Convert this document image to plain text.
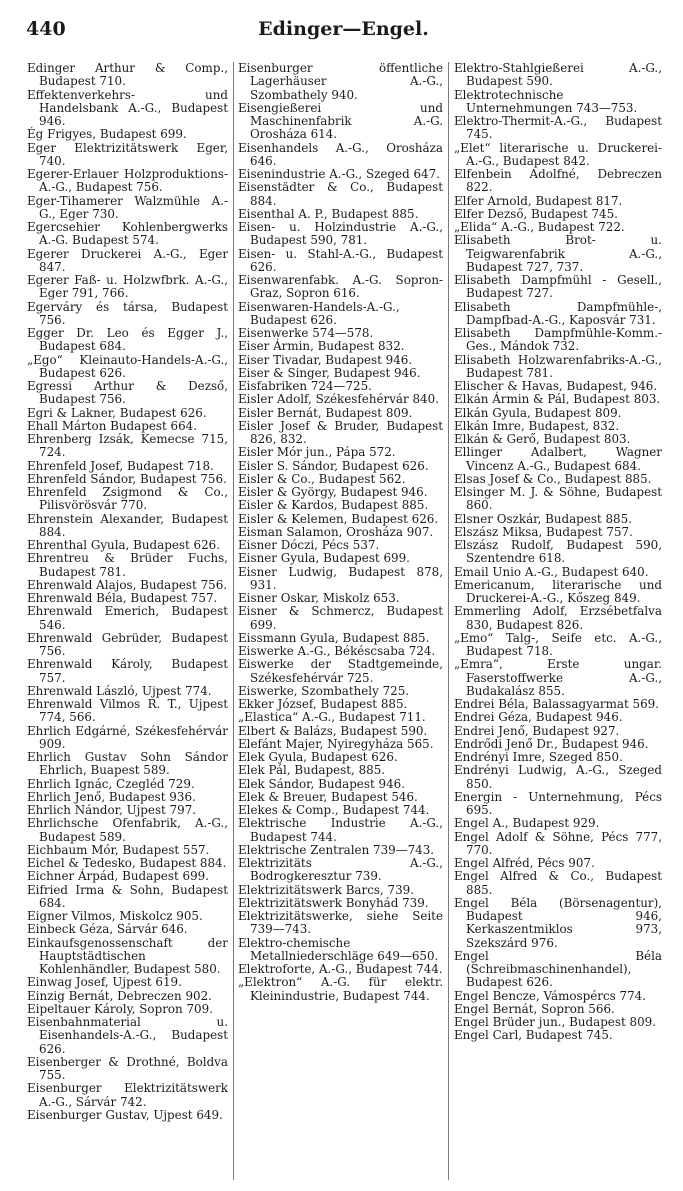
440	Edinger—Engel.

Edinger Arthur & Comp., Budapest 710.

Effektenverkehrs- und Handelsbank A.-G., Budapest 946.

Ég Frigyes, Budapest 699.

Eger Elektrizitätswerk Eger, 740.

Egerer-Erlauer Holzproduktions-A.-G., Budapest 756.

Eger-Tihamerer Walzmühle A.-G., Eger 730.

Egercsehier Kohlenbergwerks A.-G. Budapest 574.

Egerer Druckerei A.-G., Eger 847.

Egerer Faß- u. Holzwfbrk. A.-G., Eger 791, 766.

Egerváry és társa, Budapest 756.

Egger Dr. Leo és Egger J., Budapest 684.

„Ego“ Kleinauto-Handels-A.-G., Budapest 626.

Egressi Arthur & Dezső, Budapest 756.

Egri & Lakner, Budapest 626.

Ehall Márton Budapest 664.

Ehrenberg Izsák, Kemecse 715, 724.

Ehrenfeld Josef, Budapest 718.

Ehrenfeld Sándor, Budapest 756.

Ehrenfeld Zsigmond & Co., Pilisvörösvár 770.

Ehrenstein Alexander, Budapest 884.

Ehrenthal Gyula, Budapest 626.

Ehrentreu & Brüder Fuchs, Budapest 781.

Ehrenwald Alajos, Budapest 756.

Ehrenwald Béla, Budapest 757.

Ehrenwald Emerich, Budapest 546.

Ehrenwald Gebrüder, Budapest 756.

Ehrenwald Károly, Budapest 757.

Ehrenwald László, Ujpest 774.

Ehrenwald Vilmos R. T., Ujpest 774, 566.

Ehrlich Edgárné, Székesfehérvár 909.

Ehrlich Gustav Sohn Sándor Ehrlich, Buapest 589.

Ehrlich Ignác, Czegléd 729.

Ehrlich Jenő, Budapest 936.

Ehrlich Nándor, Ujpest 797.

Ehrlichsche Ofenfabrik, A.-G., Budapest 589.

Eichbaum Mór, Budapest 557.

Eichel & Tedesko, Budapest 884.

Eichner Árpád, Budapest 699.

Eifried Irma & Sohn, Budapest 684.

Eigner Vilmos, Miskolcz 905.

Einbeck Géza, Sárvár 646.

Einkaufsgenossenschaft der Hauptstädtischen Kohlenhändler, Budapest 580.

Einwag Josef, Ujpest 619.

Einzig Bernát, Debreczen 902.

Eipeltauer Károly, Sopron 709.

Eisenbahnmaterial u. Eisenhandels-A.-G., Budapest 626.

Eisenberger & Drothné, Boldva 755.

Eisenburger Elektrizitätswerk A.-G., Sárvár 742.

Eisenburger Gustav, Ujpest 649.

Eisenburger öffentliche Lagerhäuser A.-G., Szombathely 940.

Eisengießerei und Maschinenfabrik A.-G. Orosháza 614.

Eisenhandels A.-G., Orosháza 646.

Eisenindustrie A.-G., Szeged 647.

Eisenstädter & Co., Budapest 884.

Eisenthal A. P., Budapest 885.

Eisen- u. Holzindustrie A.-G., Budapest 590, 781.

Eisen- u. Stahl-A.-G., Budapest 626.

Eisenwarenfabk. A.-G. Sopron-Graz, Sopron 616.

Eisenwaren-Handels-A.-G., Budapest 626.

Eisenwerke 574—578.

Eiser Ármin, Budapest 832.

Eiser Tivadar, Budapest 946.

Eiser & Singer, Budapest 946.

Eisfabriken 724—725.

Eisler Adolf, Székesfehérvár 840.

Eisler Bernát, Budapest 809.

Eisler Josef & Bruder, Budapest 826, 832.

Eisler Mór jun., Pápa 572.

Eisler S. Sándor, Budapest 626.

Eisler & Co., Budapest 562.

Eisler & György, Budapest 946.

Eisler & Kardos, Budapest 885.

Eisler & Kelemen, Budapest 626.

Eisman Salamon, Orosháza 907.

Eisner Dóczi, Pécs 537.

Eisner Gyula, Budapest 699.

Eisner Ludwig, Budapest 878, 931.

Eisner Oskar, Miskolz 653.

Eisner & Schmercz, Budapest 699.

Eissmann Gyula, Budapest 885.

Eiswerke A.-G., Békéscsaba 724.

Eiswerke der Stadtgemeinde, Székesfehérvár 725.

Eiswerke, Szombathely 725.

Ekker József, Budapest 885.

„Elastica“ A.-G., Budapest 711.

Elbert & Balázs, Budapest 590.

Elefánt Majer, Nyiregyháza 565.

Elek Gyula, Budapest 626.

Elek Pál, Budapest, 885.

Elek Sándor, Budapest 946.

Elek & Breuer, Budapest 546.

Elekes & Comp., Budapest 744.

Elektrische Industrie A.-G., Budapest 744.

Elektrische Zentralen 739—743.

Elektrizitäts A.-G., Bodrogkeresztur 739.

Elektrizitätswerk Barcs, 739.

Elektrizitätswerk Bonyhád 739.

Elektrizitätswerke, siehe Seite 739—743.

Elektro-chemische Metallniederschläge 649—650.

Elektroforte, A.-G., Budapest 744.

„Elektron“ A.-G. für elektr. Kleinindustrie, Budapest 744.

Elektro-Stahlgießerei A.-G., Budapest 590.

Elektrotechnische Unternehmungen 743—753.

Elektro-Thermit-A.-G., Budapest 745.

„Elet“ literarische u. Druckerei-A.-G., Budapest 842.

Elfenbein Adolfné, Debreczen 822.

Elfer Arnold, Budapest 817.

Elfer Dezső, Budapest 745.

„Elida“ A.-G., Budapest 722.

Elisabeth Brot- u. Teigwarenfabrik A.-G., Budapest 727, 737.

Elisabeth Dampfmühl - Gesell., Budapest 727.

Elisabeth Dampfmühle-, Dampfbad-A.-G., Kaposvár 731.

Elisabeth Dampfmühle-Komm.-Ges., Mándok 732.

Elisabeth Holzwarenfabriks-A.-G., Budapest 781.

Elischer & Havas, Budapest, 946.

Elkán Ármin & Pál, Budapest 803.

Elkán Gyula, Budapest 809.

Elkán Imre, Budapest, 832.

Elkán & Gerő, Budapest 803.

Ellinger Adalbert, Wagner Vincenz A.-G., Budapest 684.

Elsas Josef & Co., Budapest 885.

Elsinger M. J. & Söhne, Budapest 860.

Elsner Oszkár, Budapest 885.

Elszász Miksa, Budapest 757.

Elszász Rudolf, Budapest 590, Szentendre 618.

Email Unio A.-G., Budapest 640.

Emericanum, literarische und Druckerei-A.-G., Kőszeg 849.

Emmerling Adolf, Erzsébetfalva 830, Budapest 826.

„Emo“ Talg-, Seife etc. A.-G., Budapest 718.

„Emra“, Erste ungar. Faserstoffwerke A.-G., Budakalász 855.

Endrei Béla, Balassagyarmat 569.

Endrei Géza, Budapest 946.

Endrei Jenő, Budapest 927.

Endrődi Jenő Dr., Budapest 946.

Endrényi Imre, Szeged 850.

Endrényi Ludwig, A.-G., Szeged 850.

Energin - Unternehmung, Pécs 695.

Engel A., Budapest 929.

Engel Adolf & Söhne, Pécs 777, 770.

Engel Alfréd, Pécs 907.

Engel Alfred & Co., Budapest 885.

Engel Béla (Börsenagentur), Budapest 946, Kerkaszentmiklos 973, Szekszárd 976.

Engel Béla (Schreibmaschinenhandel), Budapest 626.

Engel Bencze, Vámospércs 774.

Engel Bernát, Sopron 566.

Engel Brüder jun., Budapest 809.

Engel Carl, Budapest 745.
